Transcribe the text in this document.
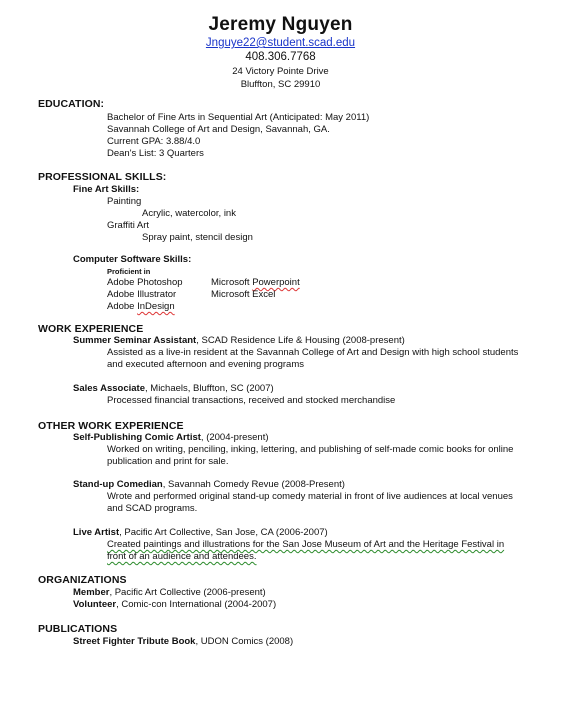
Jeremy Nguyen
Jnguye22@student.scad.edu
408.306.7768
24 Victory Pointe Drive
Bluffton, SC 29910
EDUCATION:
Bachelor of Fine Arts in Sequential Art (Anticipated: May 2011)
Savannah College of Art and Design, Savannah, GA.
Current GPA: 3.88/4.0
Dean's List: 3 Quarters
PROFESSIONAL SKILLS:
Fine Art Skills:
Painting
Acrylic, watercolor, ink
Graffiti Art
Spray paint, stencil design
Computer Software Skills:
Proficient in
Adobe Photoshop
Adobe Illustrator
Adobe InDesign
Microsoft Powerpoint
Microsoft Excel
WORK EXPERIENCE
Summer Seminar Assistant, SCAD Residence Life & Housing (2008-present)
Assisted as a live-in resident at the Savannah College of Art and Design with high school students
and executed afternoon and evening programs
Sales Associate, Michaels, Bluffton, SC (2007)
Processed financial transactions, received and stocked merchandise
OTHER WORK EXPERIENCE
Self-Publishing Comic Artist, (2004-present)
Worked on writing, penciling, inking, lettering, and publishing of self-made comic books for online
publication and print for sale.
Stand-up Comedian, Savannah Comedy Revue (2008-Present)
Wrote and performed original stand-up comedy material in front of live audiences at local venues
and SCAD programs.
Live Artist, Pacific Art Collective, San Jose, CA (2006-2007)
Created paintings and illustrations for the San Jose Museum of Art and the Heritage Festival in
front of an audience and attendees.
ORGANIZATIONS
Member, Pacific Art Collective (2006-present)
Volunteer, Comic-con International (2004-2007)
PUBLICATIONS
Street Fighter Tribute Book, UDON Comics (2008)
